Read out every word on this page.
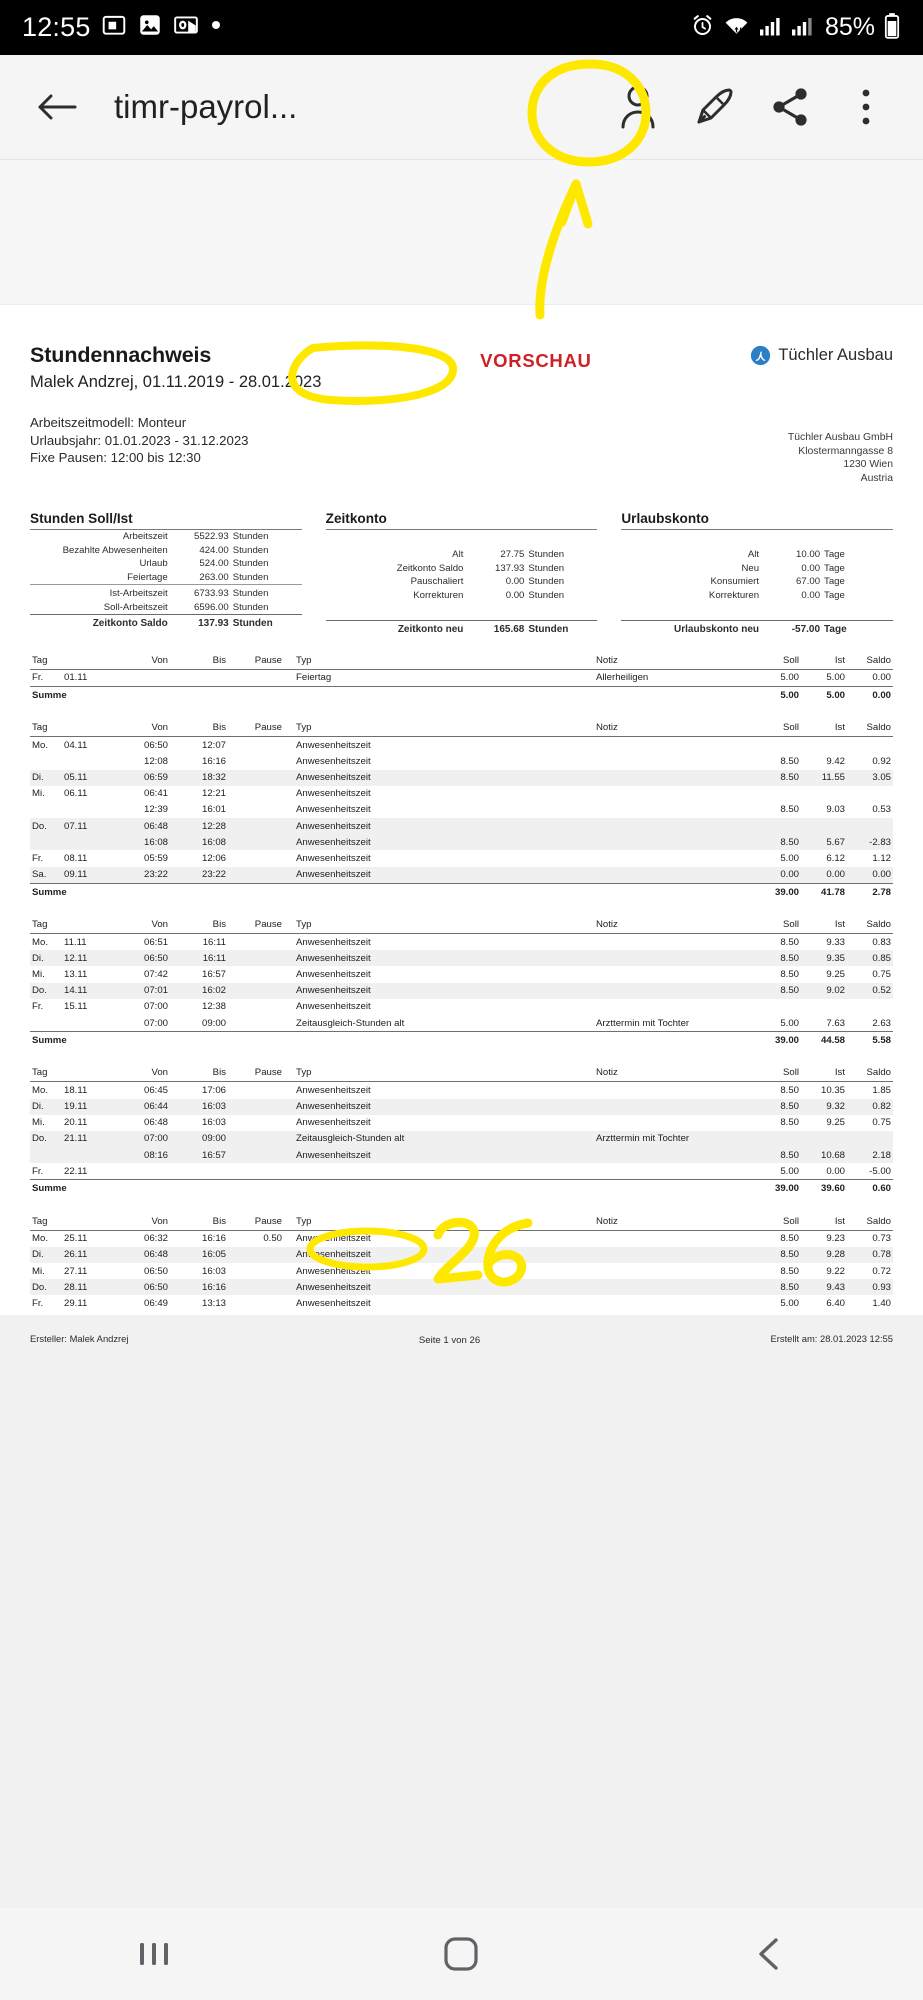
12:55	85%
timr-payrol...
Stundennachweis
Malek Andzrej, 01.11.2019 - 28.01.2023
VORSCHAU	Tüchler Ausbau
Arbeitszeitmodell: Monteur
Urlaubsjahr: 01.01.2023 - 31.12.2023
Fixe Pausen: 12:00 bis 12:30
Tüchler Ausbau GmbH
Klostermanngasse 8
1230 Wien
Austria
Stunden Soll/Ist
Arbeitszeit	5522.93 Stunden
Bezahlte Abwesenheiten	424.00 Stunden
Urlaub	524.00 Stunden
Feiertage	263.00 Stunden
Ist-Arbeitszeit	6733.93 Stunden
Soll-Arbeitszeit	6596.00 Stunden
Zeitkonto Saldo	137.93 Stunden
Zeitkonto

Alt	27.75 Stunden
Zeitkonto Saldo	137.93 Stunden
Pauschaliert	0.00 Stunden
Korrekturen	0.00 Stunden

Zeitkonto neu	165.68 Stunden
Urlaubskonto

Alt	10.00 Tage
Neu	0.00 Tage
Konsumiert	67.00 Tage
Korrekturen	0.00 Tage

Urlaubskonto neu	-57.00 Tage
Tag		Von	Bis	Pause	Typ	Notiz	Soll	Ist	Saldo
Fr.	01.11				Feiertag	Allerheiligen	5.00	5.00	0.00
Summe							5.00	5.00	0.00
Tag		Von	Bis	Pause	Typ	Notiz	Soll	Ist	Saldo
Mo.	04.11	06:50	12:07		Anwesenheitszeit				
		12:08	16:16		Anwesenheitszeit		8.50	9.42	0.92
Di.	05.11	06:59	18:32		Anwesenheitszeit		8.50	11.55	3.05
Mi.	06.11	06:41	12:21		Anwesenheitszeit				
		12:39	16:01		Anwesenheitszeit		8.50	9.03	0.53
Do.	07.11	06:48	12:28		Anwesenheitszeit				
		16:08	16:08		Anwesenheitszeit		8.50	5.67	-2.83
Fr.	08.11	05:59	12:06		Anwesenheitszeit		5.00	6.12	1.12
Sa.	09.11	23:22	23:22		Anwesenheitszeit		0.00	0.00	0.00
Summe							39.00	41.78	2.78
Tag		Von	Bis	Pause	Typ	Notiz	Soll	Ist	Saldo
Mo.	11.11	06:51	16:11		Anwesenheitszeit		8.50	9.33	0.83
Di.	12.11	06:50	16:11		Anwesenheitszeit		8.50	9.35	0.85
Mi.	13.11	07:42	16:57		Anwesenheitszeit		8.50	9.25	0.75
Do.	14.11	07:01	16:02		Anwesenheitszeit		8.50	9.02	0.52
Fr.	15.11	07:00	12:38		Anwesenheitszeit				
		07:00	09:00		Zeitausgleich-Stunden alt	Arzttermin mit Tochter	5.00	7.63	2.63
Summe							39.00	44.58	5.58
Tag		Von	Bis	Pause	Typ	Notiz	Soll	Ist	Saldo
Mo.	18.11	06:45	17:06		Anwesenheitszeit		8.50	10.35	1.85
Di.	19.11	06:44	16:03		Anwesenheitszeit		8.50	9.32	0.82
Mi.	20.11	06:48	16:03		Anwesenheitszeit		8.50	9.25	0.75
Do.	21.11	07:00	09:00		Zeitausgleich-Stunden alt	Arzttermin mit Tochter			
		08:16	16:57		Anwesenheitszeit		8.50	10.68	2.18
Fr.	22.11						5.00	0.00	-5.00
Summe							39.00	39.60	0.60
Tag		Von	Bis	Pause	Typ	Notiz	Soll	Ist	Saldo
Mo.	25.11	06:32	16:16	0.50	Anwesenheitszeit		8.50	9.23	0.73
Di.	26.11	06:48	16:05		Anwesenheitszeit		8.50	9.28	0.78
Mi.	27.11	06:50	16:03		Anwesenheitszeit		8.50	9.22	0.72
Do.	28.11	06:50	16:16		Anwesenheitszeit		8.50	9.43	0.93
Fr.	29.11	06:49	13:13		Anwesenheitszeit		5.00	6.40	1.40
Ersteller: Malek Andzrej	Seite 1 von 26	Erstellt am: 28.01.2023 12:55
